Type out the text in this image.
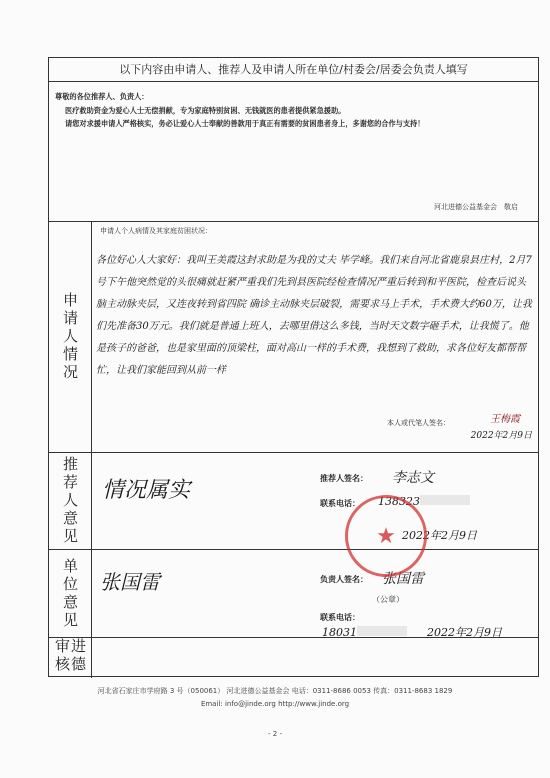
以下内容由申请人、推荐人及申请人所在单位/村委会/居委会负责人填写

尊敬的各位推荐人、负责人：

医疗救助资金为爱心人士无偿捐献，专为家庭特别贫困、无钱就医的患者提供紧急援助。

请您对求援申请人严格核实，务必让爱心人士奉献的善款用于真正有需要的贫困患者身上，多谢您的合作与支持！

河北进德公益基金会　敬启
申请人情况
申请人个人病情及其家庭贫困状况：
各位好心人大家好：我叫王美霞这封求助是为我的丈夫 毕学峰。我们来自河北省鹿泉县庄村，2月7号下午他突然觉的头很痛就赶紧严重我们先到县医院经检查情况严重后转到和平医院，检查后说头脑主动脉夹层，又连夜转到省四院 确诊主动脉夹层破裂，需要求马上手术，手术费大约60万，让我们先准备30万元。我们就是普通上班人，去哪里借这么多钱，当时天文数字砸手术，让我慌了。他是孩子的爸爸，也是家里面的顶梁柱，面对高山一样的手术费，我想到了救助，求各位好友都帮帮忙，让我们家能回到从前一样
本人或代笔人签名：	王梅霞
2022年2月9日
推荐人意见 情况属实	推荐人签名： 李志文
联系电话： 138323
2022年2月9日
单位意见 张国雷	负责人签名： 张国雷
（公章）
联系电话：
18031	2022年2月9日
进德审核
★
河北省石家庄市学府路 3 号（050061） 河北进德公益基金会 电话：0311-8686 0053 传真：0311-8683 1829
Email: info@jinde.org http://www.jinde.org
- 2 -
